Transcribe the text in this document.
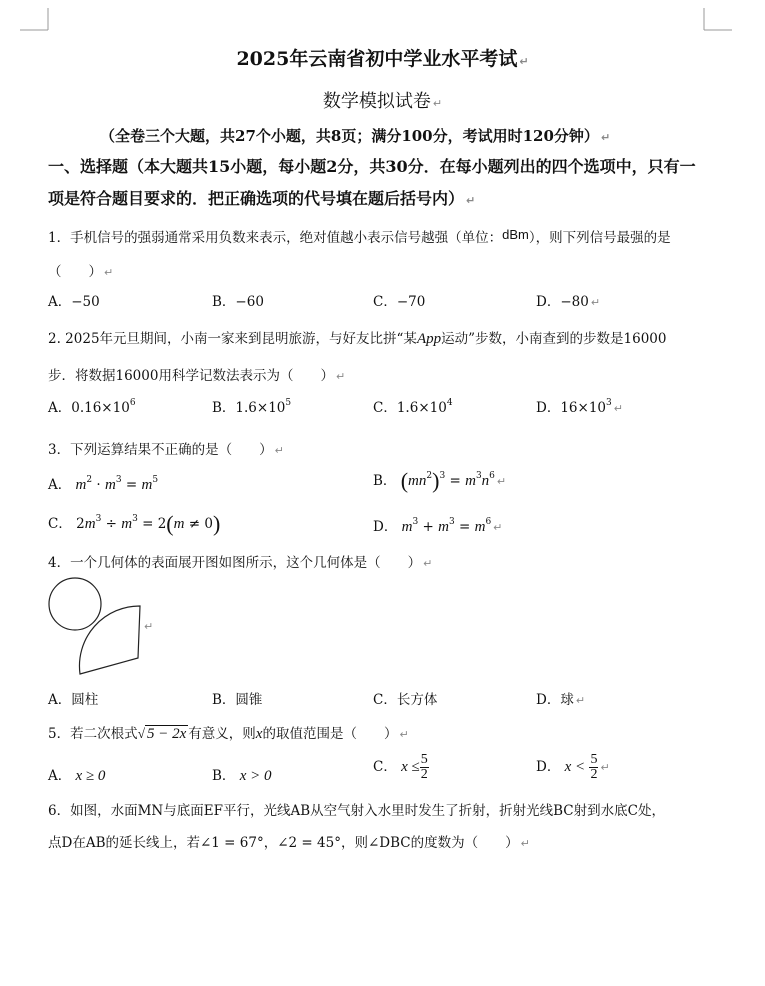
2025年云南省初中学业水平考试 ↵
数学模拟试卷 ↵
（全卷三个大题，共27个小题，共8页；满分100分，考试用时120分钟） ↵
一、选择题（本大题共15小题，每小题2分，共30分．在每小题列出的四个选项中，只有一
项是符合题目要求的．把正确选项的代号填在题后括号内） ↵
1．手机信号的强弱通常采用负数来表示，绝对值越小表示信号越强（单位：dBm），则下列信号最强的是
（　　） ↵
A．−50	B．−60	C．−70	D．−80 ↵
2. 2025年元旦期间，小南一家来到昆明旅游，与好友比拼“某App运动”步数，小南查到的步数是16000
步．将数据16000用科学记数法表示为（　　） ↵
A．$0.16\times 10^6$	B．$1.6\times 10^5$	C．$1.6\times 10^4$	D．$16\times 10^3$ ↵
3．下列运算结果不正确的是（　　） ↵
A． $m^2 \cdot m^3 = m^5$	B． $(mn^2)^3 = m^3n^6$ ↵
C． $2m^3 \div m^3 = 2(m \ne 0)$	D． $m^3 + m^3 = m^6$ ↵
4．一个几何体的表面展开图如图所示，这个几何体是（　　） ↵
↵
A．圆柱	B．圆锥	C．长方体	D．球 ↵
5．若二次根式√ 5 − 2x 有意义，则x的取值范围是（　　） ↵
A． x ≥ 0	B． x > 0
C． $x \le \frac{5}{2}$	D． $x < \frac{5}{2}$ ↵
6．如图，水面MN与底面EF平行，光线AB从空气射入水里时发生了折射，折射光线BC射到水底C处，
点D在AB的延长线上，若∠1 = 67°，∠2 = 45°，则∠DBC的度数为（　　） ↵
